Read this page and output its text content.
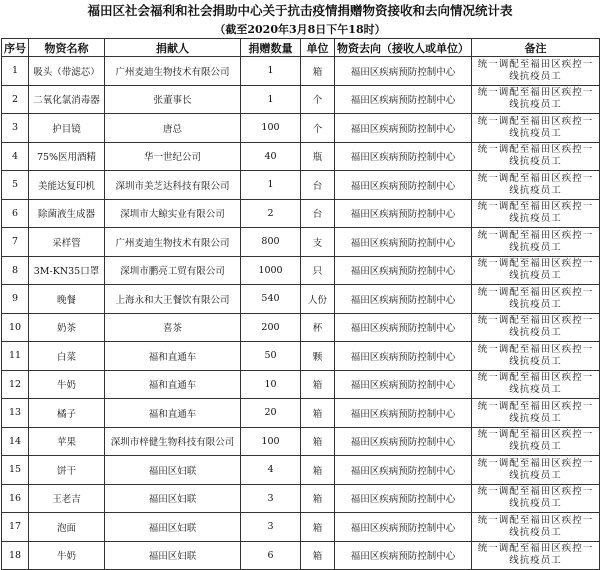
福田区社会福利和社会捐助中心关于抗击疫情捐赠物资接收和去向情况统计表
（截至2020年3月8日下午18时）
序号	物资名称	捐献人	捐赠数量	单位	物资去向（接收人或单位）	备注
1	吸头（带滤芯）	广州麦迪生物技术有限公司	1	箱	福田区疾病预防控制中心	统一调配至福田区疾控一线抗疫员工
2	二氧化氯消毒器	张董事长	1	个	福田区疾病预防控制中心	统一调配至福田区疾控一线抗疫员工
3	护目镜	唐总	100	个	福田区疾病预防控制中心	统一调配至福田区疾控一线抗疫员工
4	75%医用酒精	华一世纪公司	40	瓶	福田区疾病预防控制中心	统一调配至福田区疾控一线抗疫员工
5	美能达复印机	深圳市美芝达科技有限公司	1	台	福田区疾病预防控制中心	统一调配至福田区疾控一线抗疫员工
6	除菌液生成器	深圳市大鲸实业有限公司	2	台	福田区疾病预防控制中心	统一调配至福田区疾控一线抗疫员工
7	采样管	广州麦迪生物技术有限公司	800	支	福田区疾病预防控制中心	统一调配至福田区疾控一线抗疫员工
8	3M-KN35口罩	深圳市鹏亮工贸有限公司	1000	只	福田区疾病预防控制中心	统一调配至福田区疾控一线抗疫员工
9	晚餐	上海永和大王餐饮有限公司	540	人份	福田区疾病预防控制中心	统一调配至福田区疾控一线抗疫员工
10	奶茶	喜茶	200	杯	福田区疾病预防控制中心	统一调配至福田区疾控一线抗疫员工
11	白菜	福和直通车	50	颗	福田区疾病预防控制中心	统一调配至福田区疾控一线抗疫员工
12	牛奶	福和直通车	10	箱	福田区疾病预防控制中心	统一调配至福田区疾控一线抗疫员工
13	橘子	福和直通车	20	箱	福田区疾病预防控制中心	统一调配至福田区疾控一线抗疫员工
14	苹果	深圳市梓健生物科技有限公司	100	箱	福田区疾病预防控制中心	统一调配至福田区疾控一线抗疫员工
15	饼干	福田区妇联	4	箱	福田区疾病预防控制中心	统一调配至福田区疾控一线抗疫员工
16	王老吉	福田区妇联	3	箱	福田区疾病预防控制中心	统一调配至福田区疾控一线抗疫员工
17	泡面	福田区妇联	3	箱	福田区疾病预防控制中心	统一调配至福田区疾控一线抗疫员工
18	牛奶	福田区妇联	6	箱	福田区疾病预防控制中心	统一调配至福田区疾控一线抗疫员工
